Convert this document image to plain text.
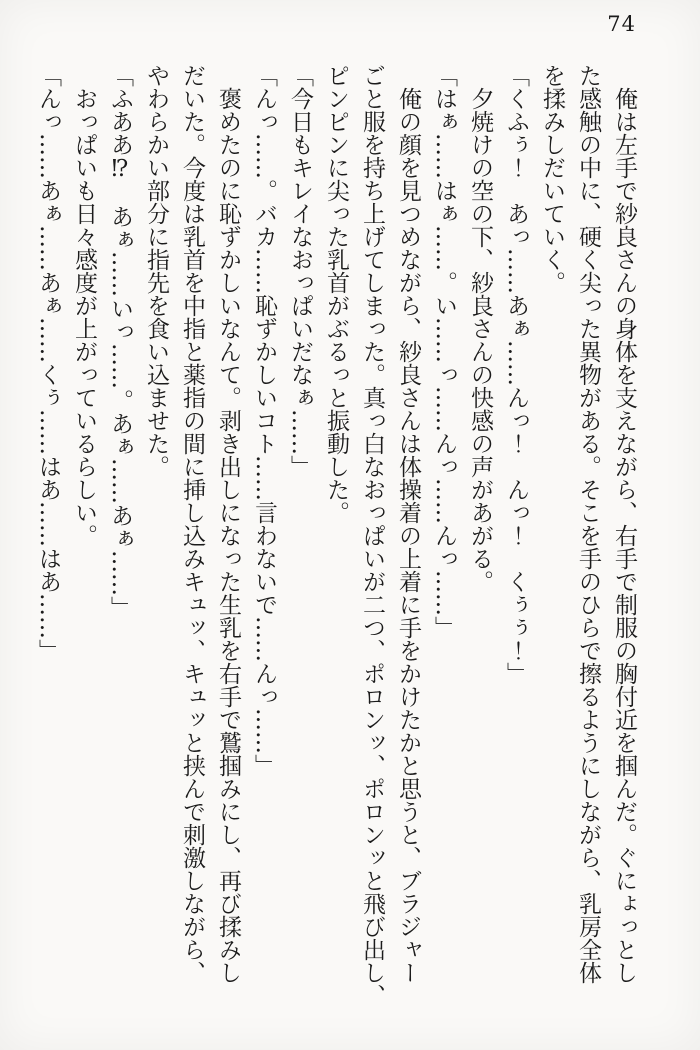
74

俺は左手で紗良さんの身体を支えながら、右手で制服の胸付近を掴んだ。ぐにょっとし

た感触の中に、硬く尖った異物がある。そこを手のひらで擦るようにしながら、乳房全体

を揉みしだいていく。

「くふぅ！　あっ……あぁ……んっ！　んっ！　くぅぅ！」

夕焼けの空の下、紗良さんの快感の声があがる。

「はぁ……はぁ……。い……っ……んっ……んっ……」

俺の顔を見つめながら、紗良さんは体操着の上着に手をかけたかと思うと、ブラジャー

ごと服を持ち上げてしまった。真っ白なおっぱいが二つ、ポロンッ、ポロンッと飛び出し、

ピンピンに尖った乳首がぶるっと振動した。

「今日もキレイなおっぱいだなぁ……」

「んっ……。バカ……恥ずかしいコト……言わないで……んっ……」

褒めたのに恥ずかしいなんて。剥き出しになった生乳を右手で鷲掴みにし、再び揉みし

だいた。今度は乳首を中指と薬指の間に挿し込みキュッ、キュッと挟んで刺激しながら、

やわらかい部分に指先を食い込ませた。

「ふああ⁉　あぁ……いっ……。あぁ……あぁ……」

おっぱいも日々感度が上がっているらしい。

「んっ……あぁ……あぁ……くぅ……はあ……はあ……」
